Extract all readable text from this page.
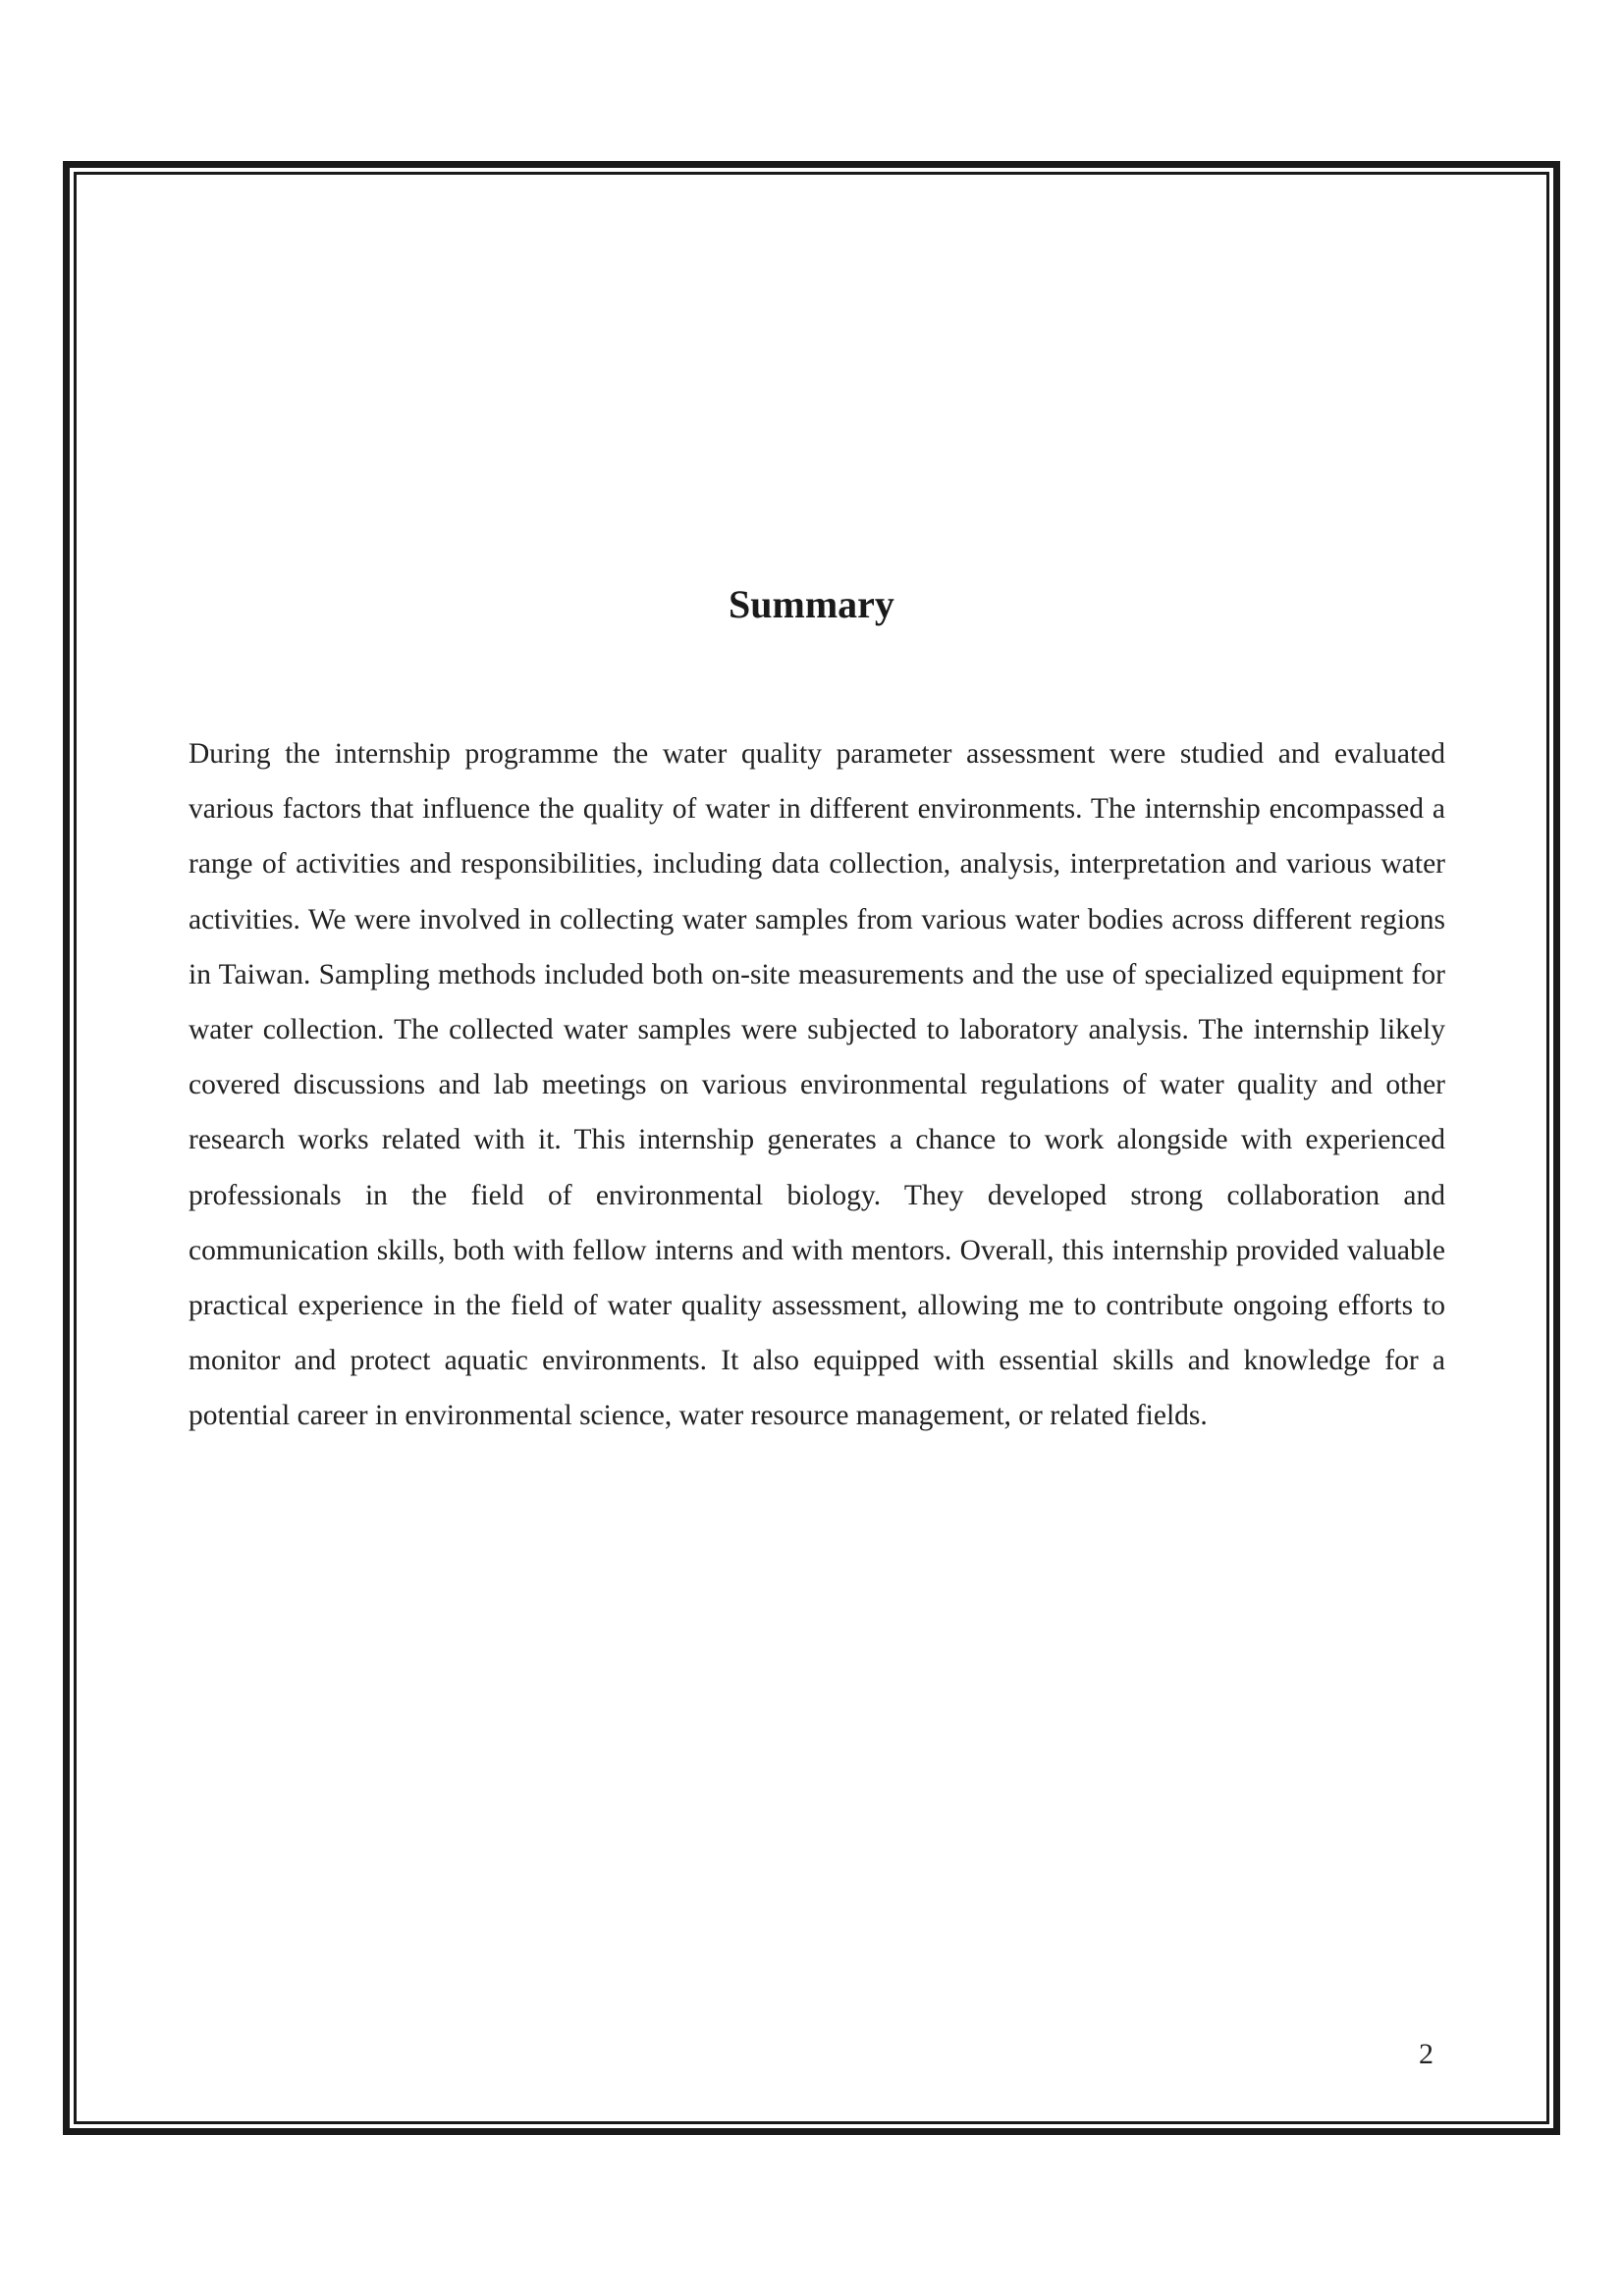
Summary

During the internship programme the water quality parameter assessment were studied and evaluated various factors that influence the quality of water in different environments. The internship encompassed a range of activities and responsibilities, including data collection, analysis, interpretation and various water activities. We were involved in collecting water samples from various water bodies across different regions in Taiwan. Sampling methods included both on-site measurements and the use of specialized equipment for water collection. The collected water samples were subjected to laboratory analysis. The internship likely covered discussions and lab meetings on various environmental regulations of water quality and other research works related with it. This internship generates a chance to work alongside with experienced professionals in the field of environmental biology. They developed strong collaboration and communication skills, both with fellow interns and with mentors. Overall, this internship provided valuable practical experience in the field of water quality assessment, allowing me to contribute ongoing efforts to monitor and protect aquatic environments. It also equipped with essential skills and knowledge for a potential career in environmental science, water resource management, or related fields.

2
